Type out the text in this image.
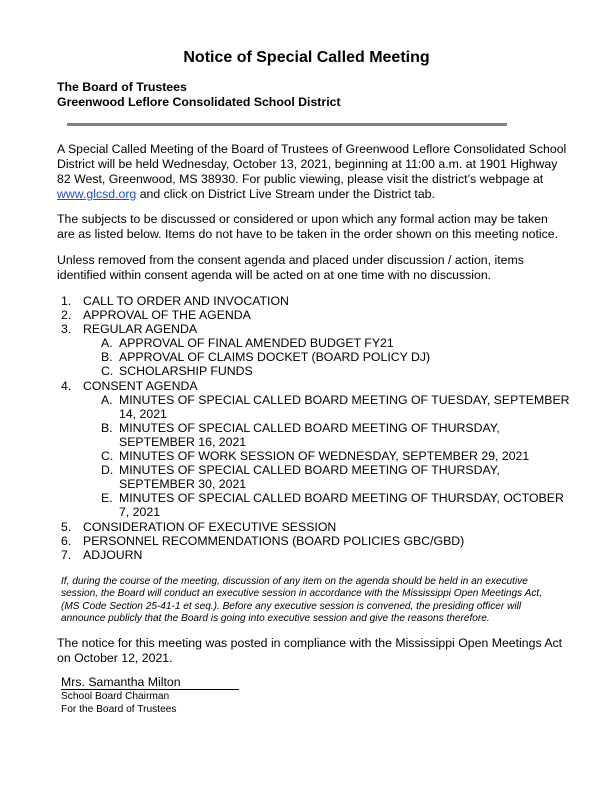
Notice of Special Called Meeting
The Board of Trustees
Greenwood Leflore Consolidated School District

A Special Called Meeting of the Board of Trustees of Greenwood Leflore Consolidated School District will be held Wednesday, October 13, 2021, beginning at 11:00 a.m. at 1901 Highway 82 West, Greenwood, MS 38930. For public viewing, please visit the district’s webpage at www.glcsd.org and click on District Live Stream under the District tab.

The subjects to be discussed or considered or upon which any formal action may be taken are as listed below. Items do not have to be taken in the order shown on this meeting notice.

Unless removed from the consent agenda and placed under discussion / action, items identified within consent agenda will be acted on at one time with no discussion.

1. CALL TO ORDER AND INVOCATION
2. APPROVAL OF THE AGENDA
3. REGULAR AGENDA
A. APPROVAL OF FINAL AMENDED BUDGET FY21
B. APPROVAL OF CLAIMS DOCKET (BOARD POLICY DJ)
C. SCHOLARSHIP FUNDS
4. CONSENT AGENDA
A. MINUTES OF SPECIAL CALLED BOARD MEETING OF TUESDAY, SEPTEMBER 14, 2021
B. MINUTES OF SPECIAL CALLED BOARD MEETING OF THURSDAY, SEPTEMBER 16, 2021
C. MINUTES OF WORK SESSION OF WEDNESDAY, SEPTEMBER 29, 2021
D. MINUTES OF SPECIAL CALLED BOARD MEETING OF THURSDAY, SEPTEMBER 30, 2021
E. MINUTES OF SPECIAL CALLED BOARD MEETING OF THURSDAY, OCTOBER 7, 2021
5. CONSIDERATION OF EXECUTIVE SESSION
6. PERSONNEL RECOMMENDATIONS (BOARD POLICIES GBC/GBD)
7. ADJOURN

If, during the course of the meeting, discussion of any item on the agenda should be held in an executive session, the Board will conduct an executive session in accordance with the Mississippi Open Meetings Act, (MS Code Section 25-41-1 et seq.). Before any executive session is convened, the presiding officer will announce publicly that the Board is going into executive session and give the reasons therefore.

The notice for this meeting was posted in compliance with the Mississippi Open Meetings Act on October 12, 2021.

Mrs. Samantha Milton
School Board Chairman
For the Board of Trustees
